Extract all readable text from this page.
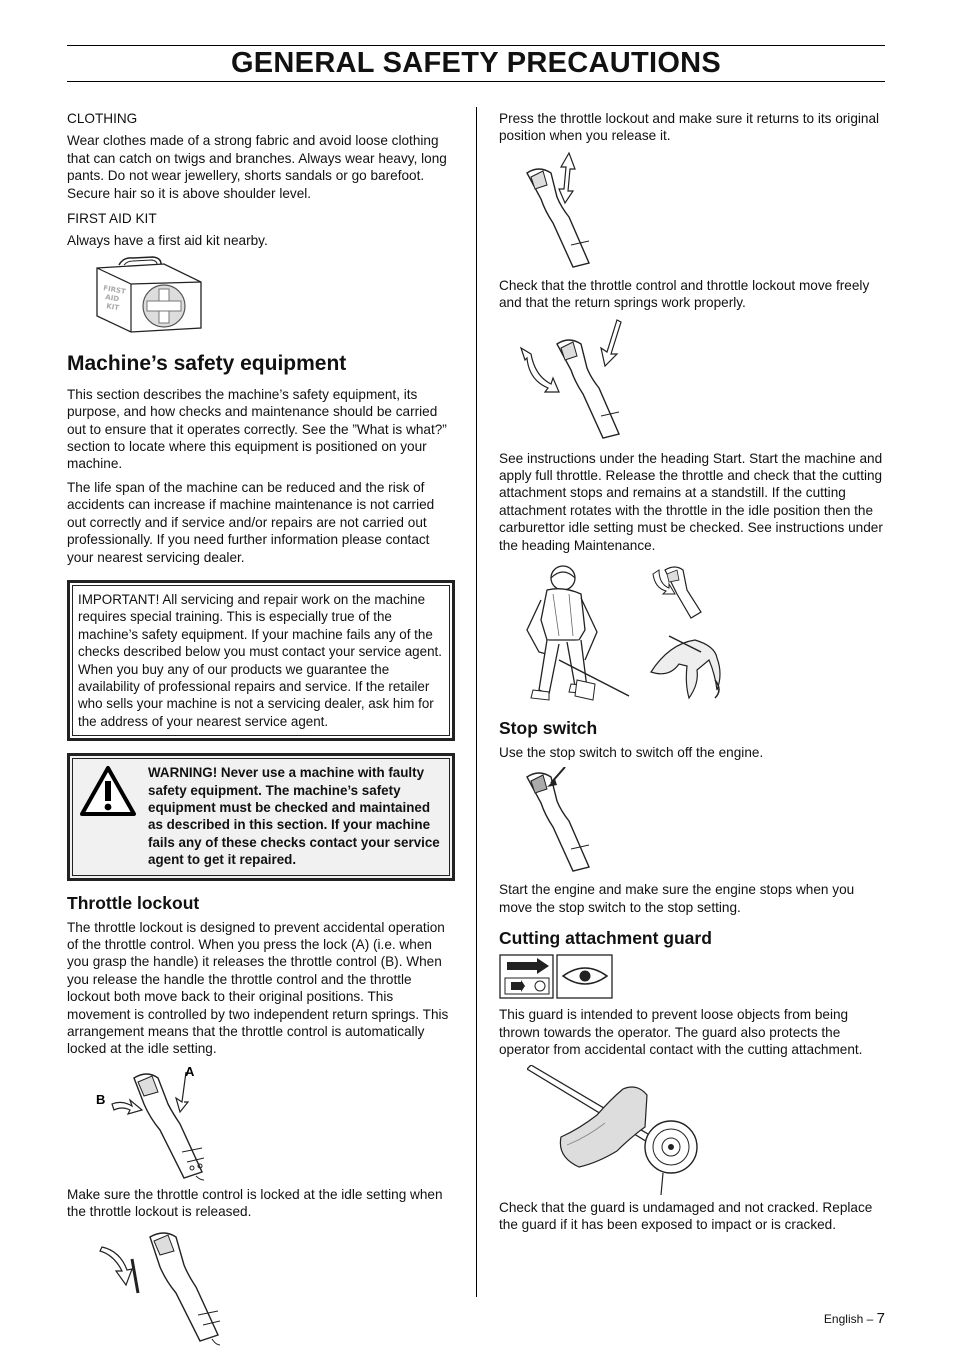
GENERAL SAFETY PRECAUTIONS

CLOTHING

Wear clothes made of a strong fabric and avoid loose clothing that can catch on twigs and branches. Always wear heavy, long pants. Do not wear jewellery, shorts sandals or go barefoot. Secure hair so it is above shoulder level.

FIRST AID KIT

Always have a first aid kit nearby.

FIRST
AID
KIT
Machine’s safety equipment

This section describes the machine’s safety equipment, its purpose, and how checks and maintenance should be carried out to ensure that it operates correctly. See the ”What is what?” section to locate where this equipment is positioned on your machine.

The life span of the machine can be reduced and the risk of accidents can increase if machine maintenance is not carried out correctly and if service and/or repairs are not carried out professionally. If you need further information please contact your nearest servicing dealer.

IMPORTANT! All servicing and repair work on the machine requires special training. This is especially true of the machine’s safety equipment. If your machine fails any of the checks described below you must contact your service agent. When you buy any of our products we guarantee the availability of professional repairs and service. If the retailer who sells your machine is not a servicing dealer, ask him for the address of your nearest service agent.

WARNING! Never use a machine with faulty safety equipment. The machine’s safety equipment must be checked and maintained as described in this section. If your machine fails any of these checks contact your service agent to get it repaired.
Throttle lockout

The throttle lockout is designed to prevent accidental operation of the throttle control. When you press the lock (A) (i.e. when you grasp the handle) it releases the throttle control (B). When you release the handle the throttle control and the throttle lockout both move back to their original positions. This movement is controlled by two independent return springs. This arrangement means that the throttle control is automatically locked at the idle setting.

A
B

Make sure the throttle control is locked at the idle setting when the throttle lockout is released.

Press the throttle lockout and make sure it returns to its original position when you release it.

Check that the throttle control and throttle lockout move freely and that the return springs work properly.

See instructions under the heading Start. Start the machine and apply full throttle. Release the throttle and check that the cutting attachment stops and remains at a standstill. If the cutting attachment rotates with the throttle in the idle position then the carburettor idle setting must be checked. See instructions under the heading Maintenance.

Stop switch

Use the stop switch to switch off the engine.

Start the engine and make sure the engine stops when you move the stop switch to the stop setting.

Cutting attachment guard

This guard is intended to prevent loose objects from being thrown towards the operator. The guard also protects the operator from accidental contact with the cutting attachment.

Check that the guard is undamaged and not cracked. Replace the guard if it has been exposed to impact or is cracked.

English – 7
